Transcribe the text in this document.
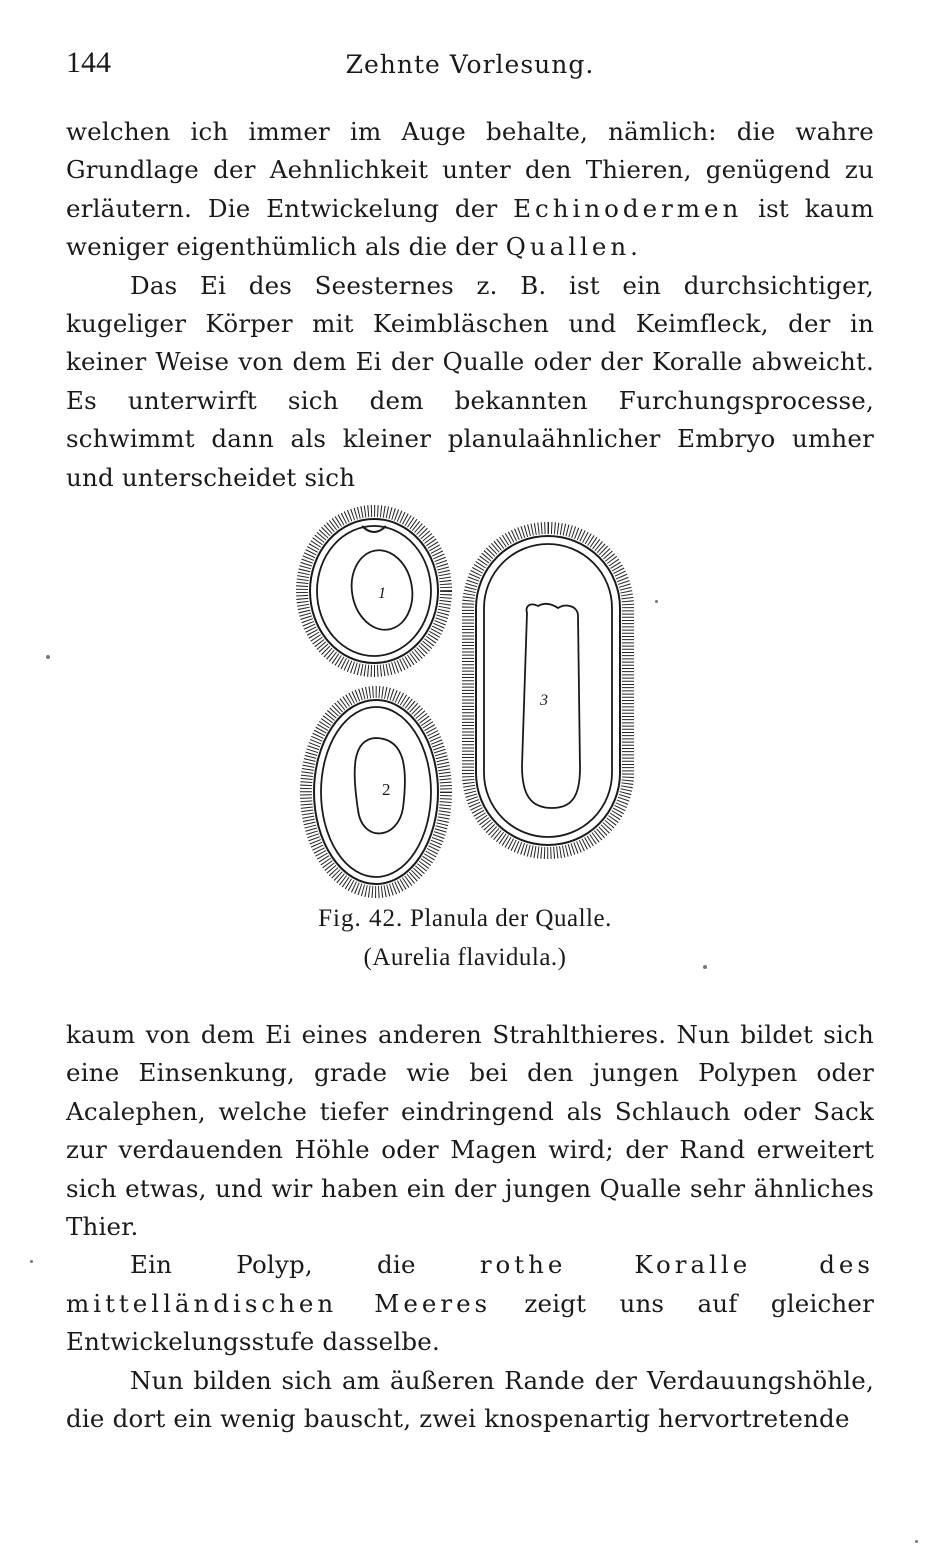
144	Zehnte Vorlesung.

welchen ich immer im Auge behalte, nämlich: die wahre Grundlage der Aehnlichkeit unter den Thieren, genügend zu erläutern. Die Entwickelung der Echinodermen ist kaum weniger eigenthümlich als die der Quallen.

Das Ei des Seesternes z. B. ist ein durchsichtiger, kugeliger Körper mit Keimbläschen und Keimfleck, der in keiner Weise von dem Ei der Qualle oder der Koralle abweicht. Es unterwirft sich dem bekannten Furchungsprocesse, schwimmt dann als kleiner planulaähnlicher Embryo umher und unterscheidet sich

1
2
3
Fig. 42. Planula der Qualle.
(Aurelia flavidula.)

kaum von dem Ei eines anderen Strahlthieres. Nun bildet sich eine Einsenkung, grade wie bei den jungen Polypen oder Acalephen, welche tiefer eindringend als Schlauch oder Sack zur verdauenden Höhle oder Magen wird; der Rand erweitert sich etwas, und wir haben ein der jungen Qualle sehr ähnliches Thier.

Ein Polyp, die rothe Koralle des mittelländischen Meeres zeigt uns auf gleicher Entwickelungsstufe dasselbe.

Nun bilden sich am äußeren Rande der Verdauungshöhle, die dort ein wenig bauscht, zwei knospenartig hervortretende
